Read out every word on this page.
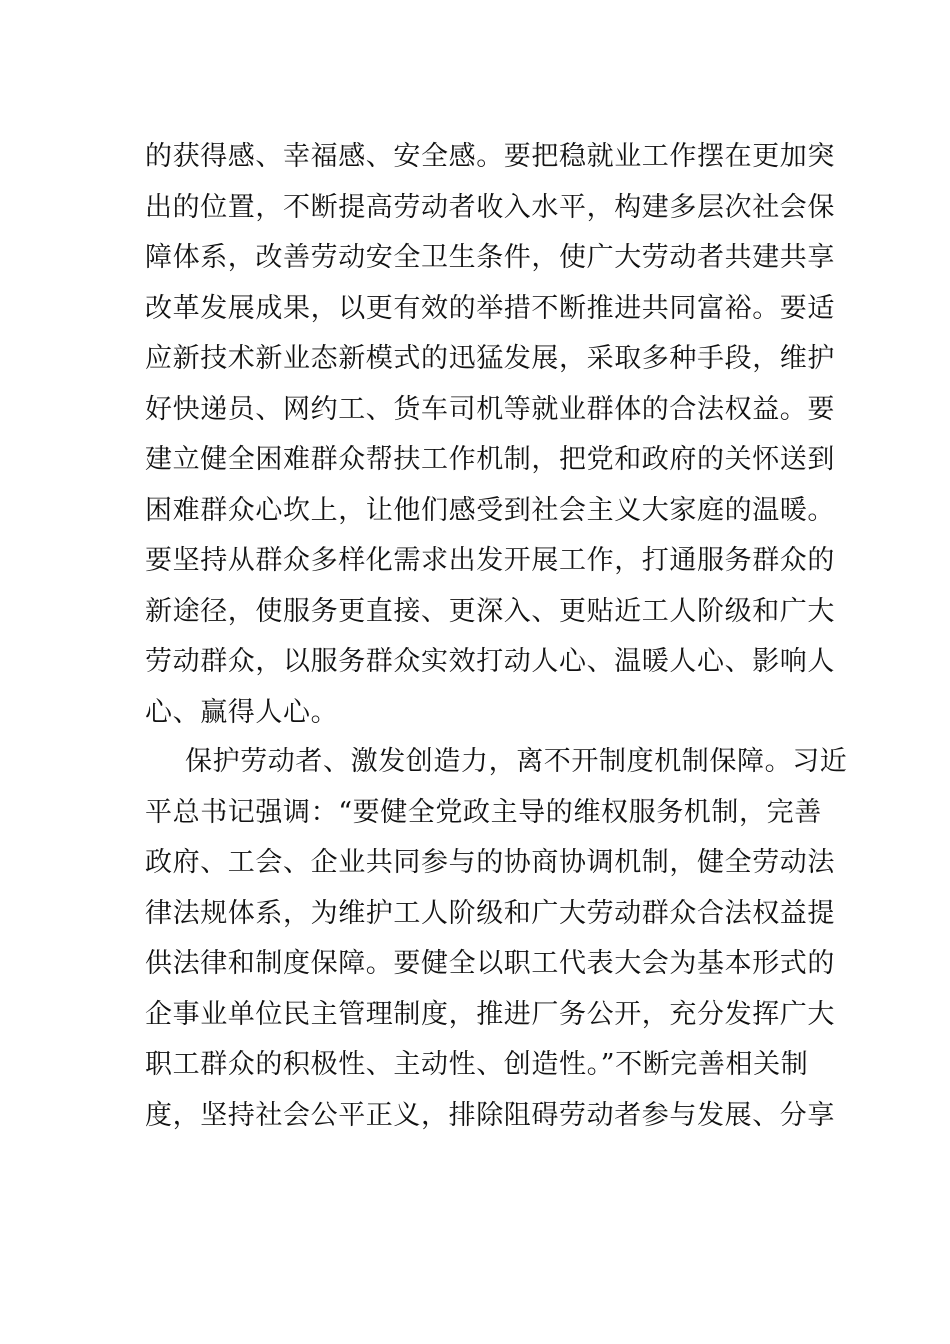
的获得感、幸福感、安全感。要把稳就业工作摆在更加突
出的位置，不断提高劳动者收入水平，构建多层次社会保
障体系，改善劳动安全卫生条件，使广大劳动者共建共享
改革发展成果，以更有效的举措不断推进共同富裕。要适
应新技术新业态新模式的迅猛发展，采取多种手段，维护
好快递员、网约工、货车司机等就业群体的合法权益。要
建立健全困难群众帮扶工作机制，把党和政府的关怀送到
困难群众心坎上，让他们感受到社会主义大家庭的温暖。
要坚持从群众多样化需求出发开展工作，打通服务群众的
新途径，使服务更直接、更深入、更贴近工人阶级和广大
劳动群众，以服务群众实效打动人心、温暖人心、影响人
心、赢得人心。
保护劳动者、激发创造力，离不开制度机制保障。习近
平总书记强调：“要健全党政主导的维权服务机制，完善
政府、工会、企业共同参与的协商协调机制，健全劳动法
律法规体系，为维护工人阶级和广大劳动群众合法权益提
供法律和制度保障。要健全以职工代表大会为基本形式的
企事业单位民主管理制度，推进厂务公开，充分发挥广大
职工群众的积极性、主动性、创造性。”不断完善相关制
度，坚持社会公平正义，排除阻碍劳动者参与发展、分享
